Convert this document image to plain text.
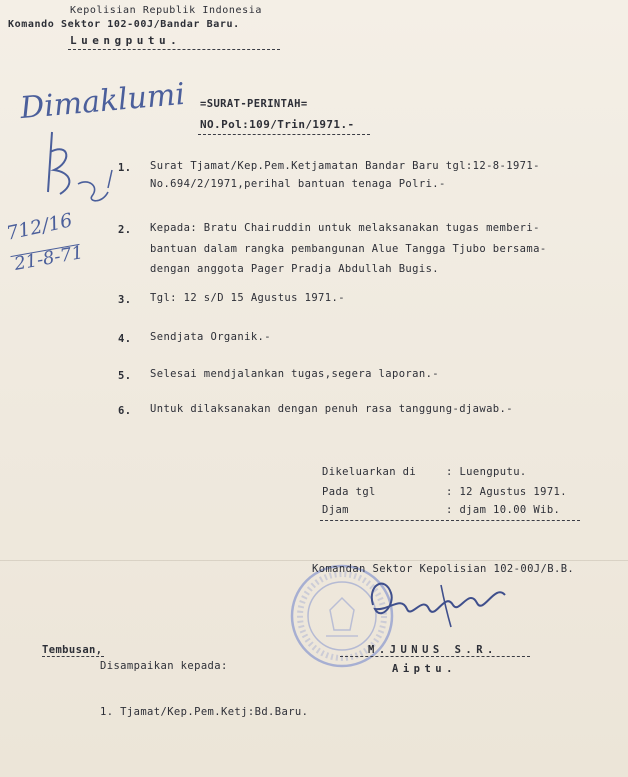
Kepolisian Republik Indonesia
Komando Sektor 102-00J/Bandar Baru.
Luengputu.
Dimaklumi
712/16
21-8-71
=SURAT-PERINTAH=
NO.Pol:109/Trin/1971.-
1. Surat Tjamat/Kep.Pem.Ketjamatan Bandar Baru tgl:12-8-1971-
No.694/2/1971,perihal bantuan tenaga Polri.-
2. Kepada: Bratu Chairuddin untuk melaksanakan tugas memberi-
bantuan dalam rangka pembangunan Alue Tangga Tjubo bersama-
dengan anggota Pager Pradja Abdullah Bugis.
3. Tgl: 12 s/D 15 Agustus 1971.-
4. Sendjata Organik.-
5. Selesai mendjalankan tugas,segera laporan.-
6. Untuk dilaksanakan dengan penuh rasa tanggung-djawab.-
Dikeluarkan di	: Luengputu.
Pada tgl	: 12 Agustus 1971.
Djam	: djam 10.00 Wib.
Komandan Sektor Kepolisian 102-00J/B.B.
M.JUNUS S.R.
Aiptu.
Tembusan,
Disampaikan kepada:
1. Tjamat/Kep.Pem.Ketj:Bd.Baru.
